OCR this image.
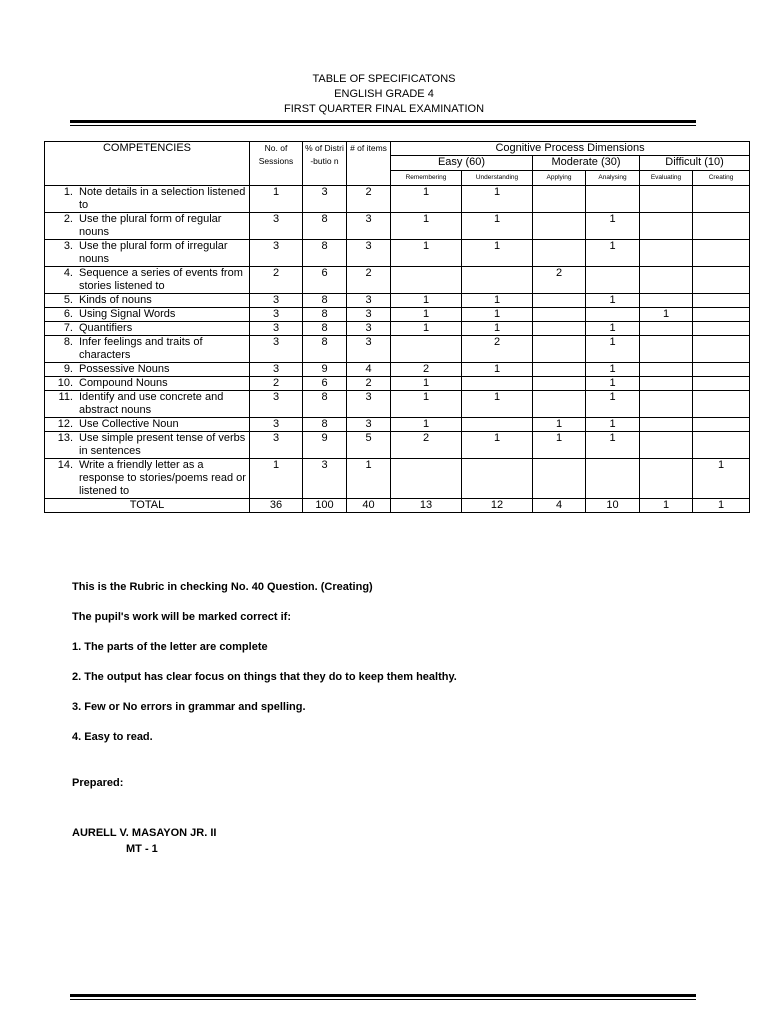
TABLE OF SPECIFICATONS
ENGLISH GRADE 4
FIRST QUARTER FINAL EXAMINATION
COMPETENCIES	No. of Sessions	% of Distri -butio n	# of items	Cognitive Process Dimensions					
				Easy (60)		Moderate (30)		Difficult (10)	
				Remembering	Understanding	Applying	Analysing	Evaluating	Creating

1. Note details in a selection listened to	1	3	2	1	1				

2. Use the plural form of regular nouns	3	8	3	1	1		1		

3. Use the plural form of irregular nouns	3	8	3	1	1		1		

4. Sequence a series of events from stories listened to	2	6	2			2			

5. Kinds of nouns	3	8	3	1	1		1		

6. Using Signal Words	3	8	3	1	1			1	

7. Quantifiers	3	8	3	1	1		1		

8. Infer feelings and traits of characters	3	8	3		2		1		

9. Possessive Nouns	3	9	4	2	1		1		

10. Compound Nouns	2	6	2	1			1		

11. Identify and use concrete and abstract nouns	3	8	3	1	1		1		

12. Use Collective Noun	3	8	3	1		1	1		

13. Use simple present tense of verbs in sentences	3	9	5	2	1	1	1		

14. Write a friendly letter as a response to stories/poems read or listened to	1	3	1						1
TOTAL	36	100	40	13	12	4	10	1	1
This is the Rubric in checking No. 40 Question. (Creating)
The pupil's work will be marked correct if:
1. The parts of the letter are complete
2. The output has clear focus on things that they do to keep them healthy.
3. Few or No errors in grammar and spelling.
4. Easy to read.
Prepared:
AURELL V. MASAYON JR. II
MT - 1
